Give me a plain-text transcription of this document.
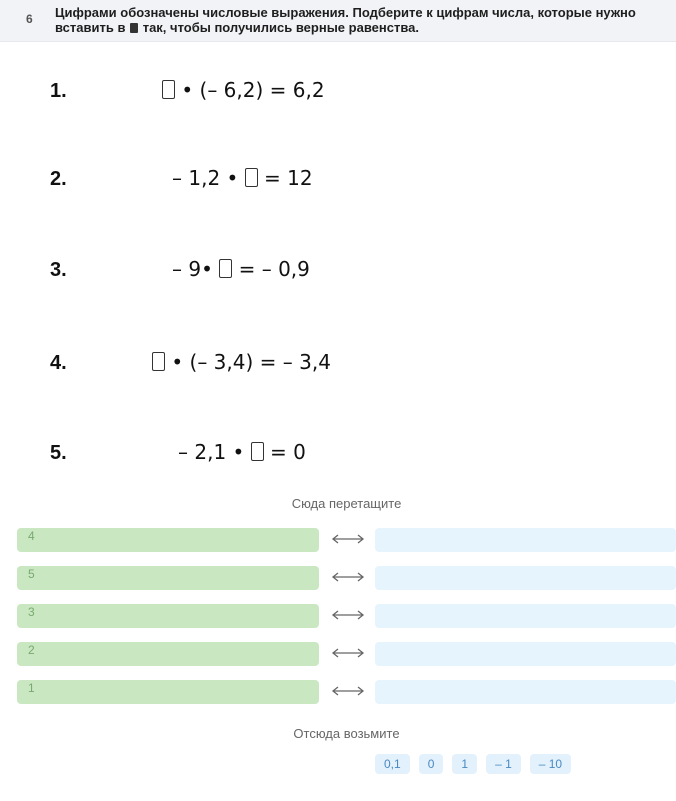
6 Цифрами обозначены числовые выражения. Подберите к цифрам числа, которые нужно вставить в так, чтобы получились верные равенства.
1.	• (– 6,2) = 6,2
2.	– 1,2 •  = 12
3.	– 9•  = – 0,9
4.	• (– 3,4) = – 3,4
5.	– 2,1 •  = 0
Сюда перетащите
4
5
3
2
1
Отсюда возьмите
0,1	0	1	– 1	– 10
